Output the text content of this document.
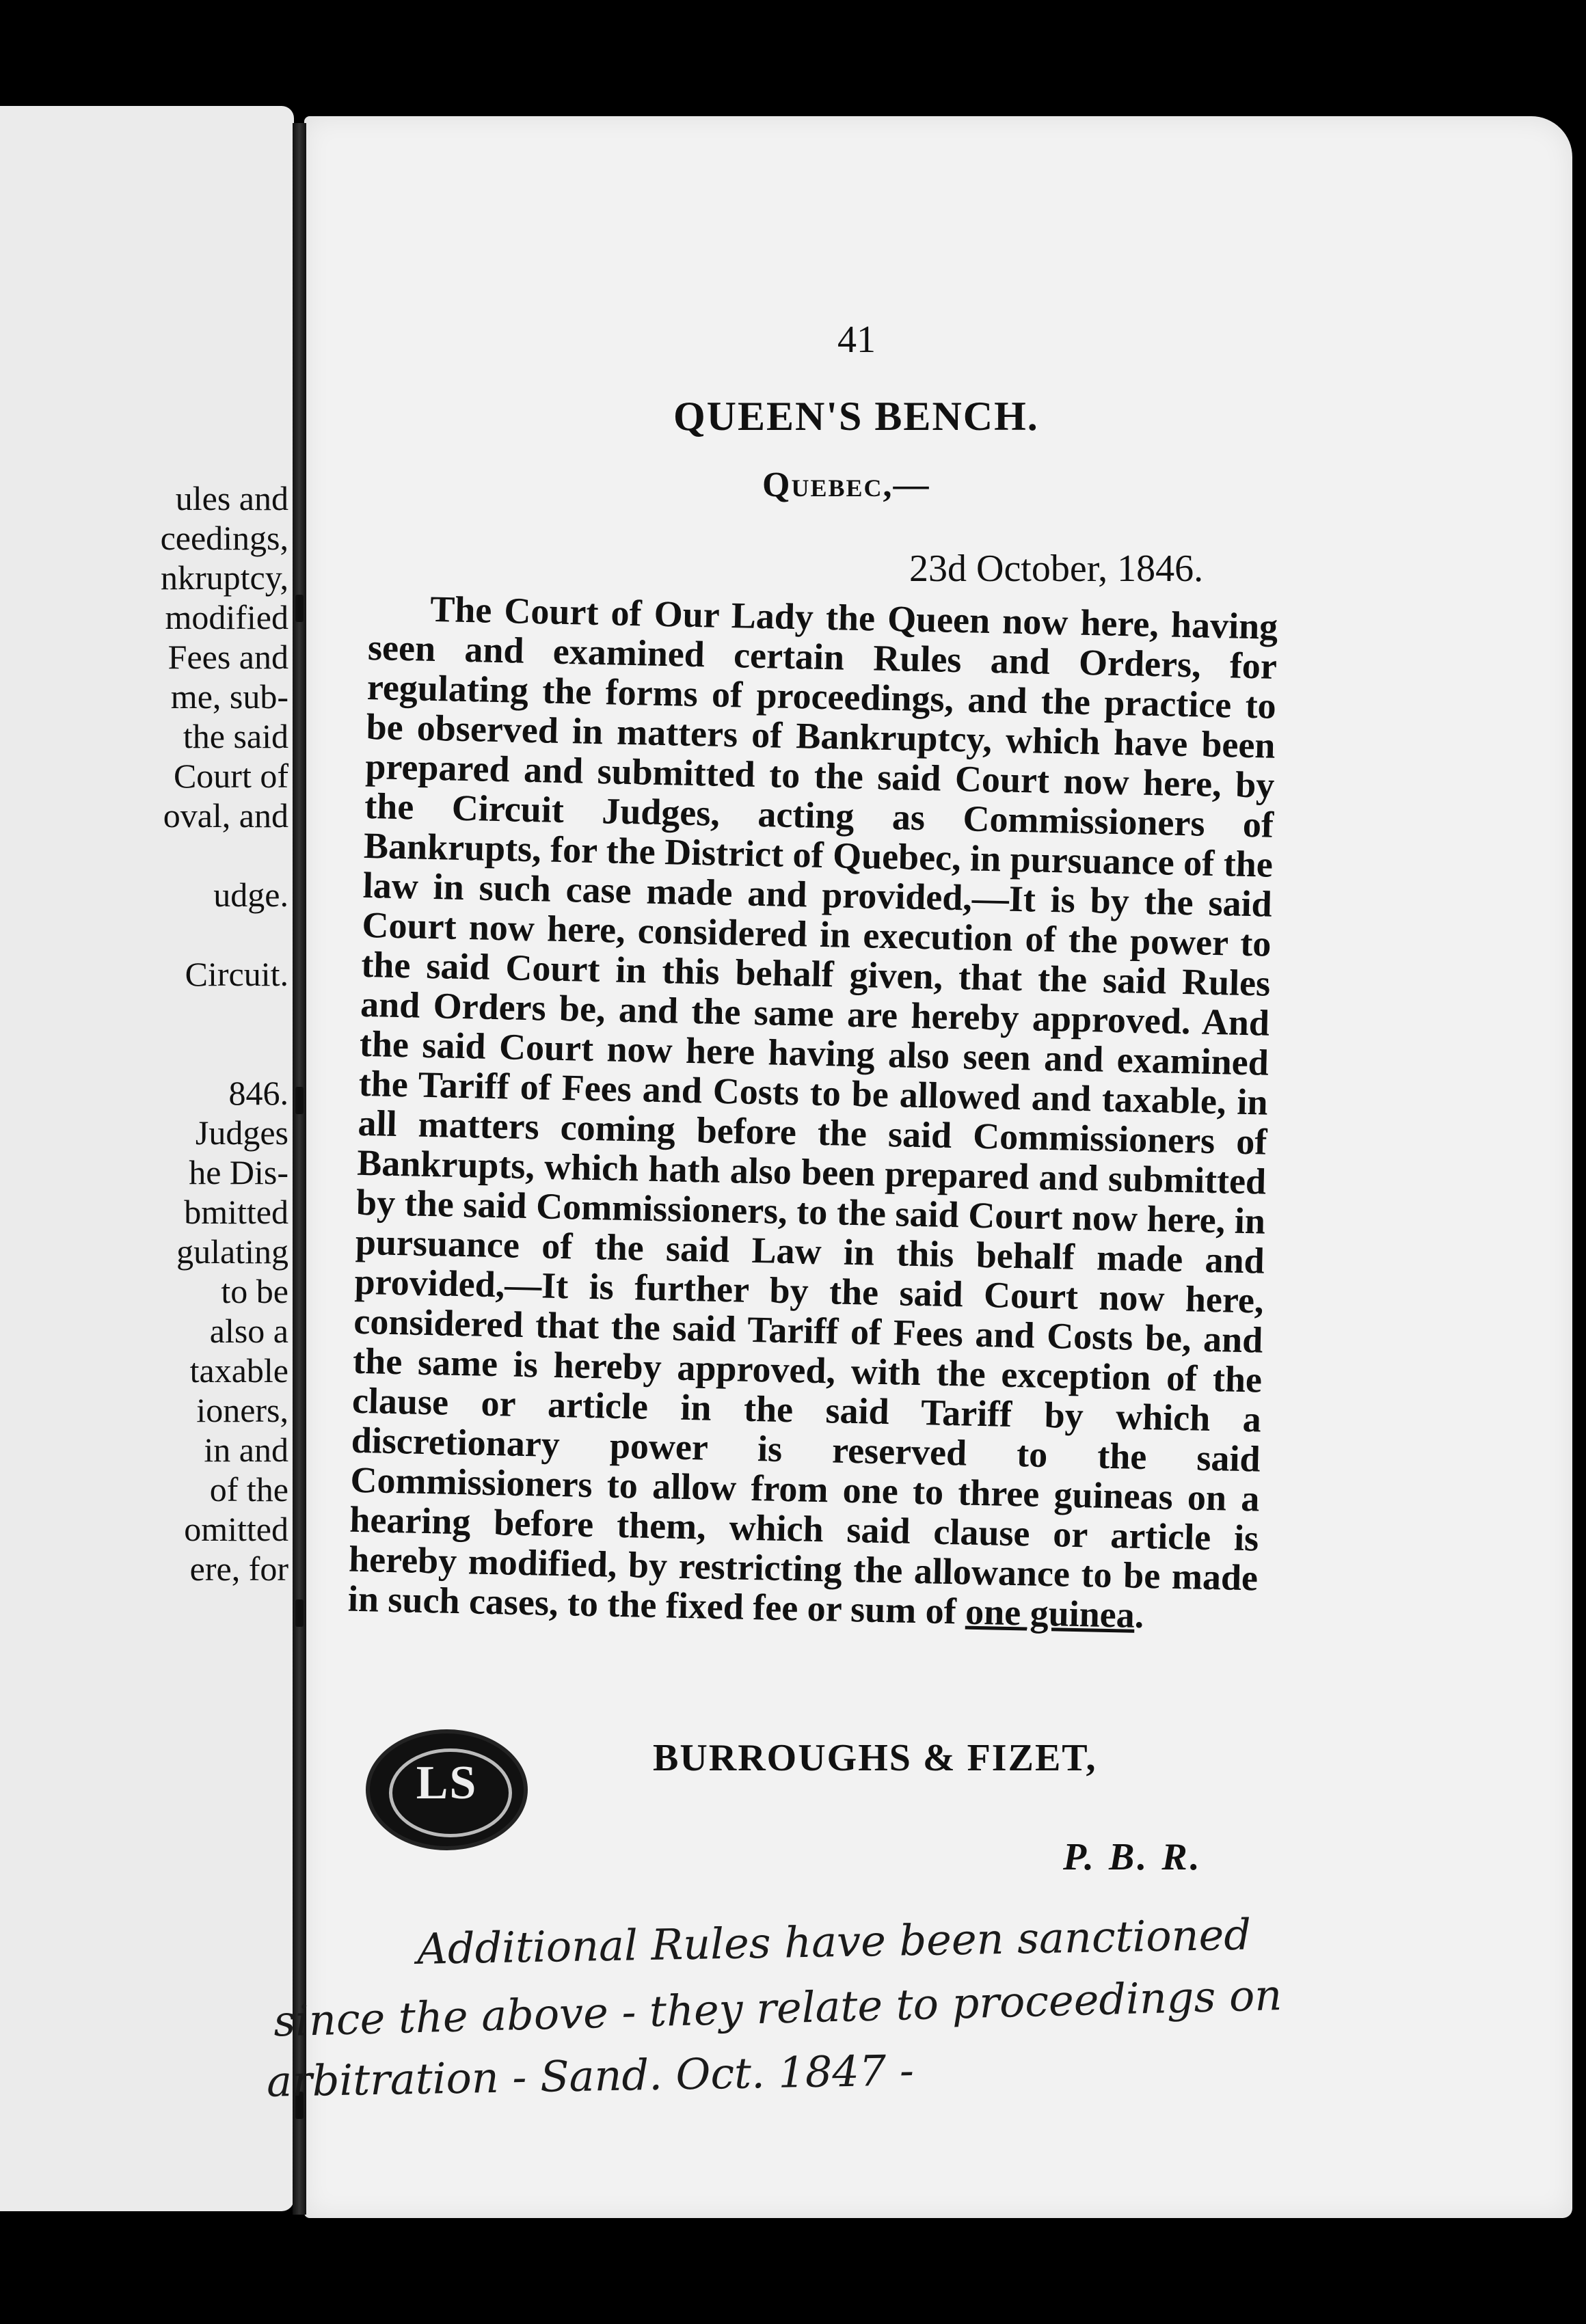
ules and
ceedings,
nkruptcy,
modified
Fees and
me, sub-
the said
Court of
oval, and
udge.
Circuit.
846.
Judges
he Dis-
bmitted
gulating
to be
also a
taxable
ioners,
in and
of the
omitted
ere, for
41
QUEEN'S BENCH.
Quebec,—
23d October, 1846.

The Court of Our Lady the Queen now here, having seen and examined certain Rules and Orders, for regulating the forms of proceedings, and the practice to be observed in matters of Bankruptcy, which have been prepared and submitted to the said Court now here, by the Circuit Judges, acting as Commissioners of Bankrupts, for the District of Quebec, in pursuance of the law in such case made and provided,—It is by the said Court now here, considered in execution of the power to the said Court in this behalf given, that the said Rules and Orders be, and the same are hereby approved. And the said Court now here having also seen and examined the Tariff of Fees and Costs to be allowed and taxable, in all matters coming before the said Commissioners of Bankrupts, which hath also been prepared and submitted by the said Commissioners, to the said Court now here, in pursuance of the said Law in this behalf made and provided,—It is further by the said Court now here, considered that the said Tariff of Fees and Costs be, and the same is hereby approved, with the exception of the clause or article in the said Tariff by which a discretionary power is reserved to the said Commissioners to allow from one to three guineas on a hearing before them, which said clause or article is hereby modified, by restricting the allowance to be made in such cases, to the fixed fee or sum of one guinea.

LS	BURROUGHS & FIZET,
P. B. R.
Additional Rules have been sanctioned
since the above - they relate to proceedings on
arbitration - Sand. Oct. 1847 -
